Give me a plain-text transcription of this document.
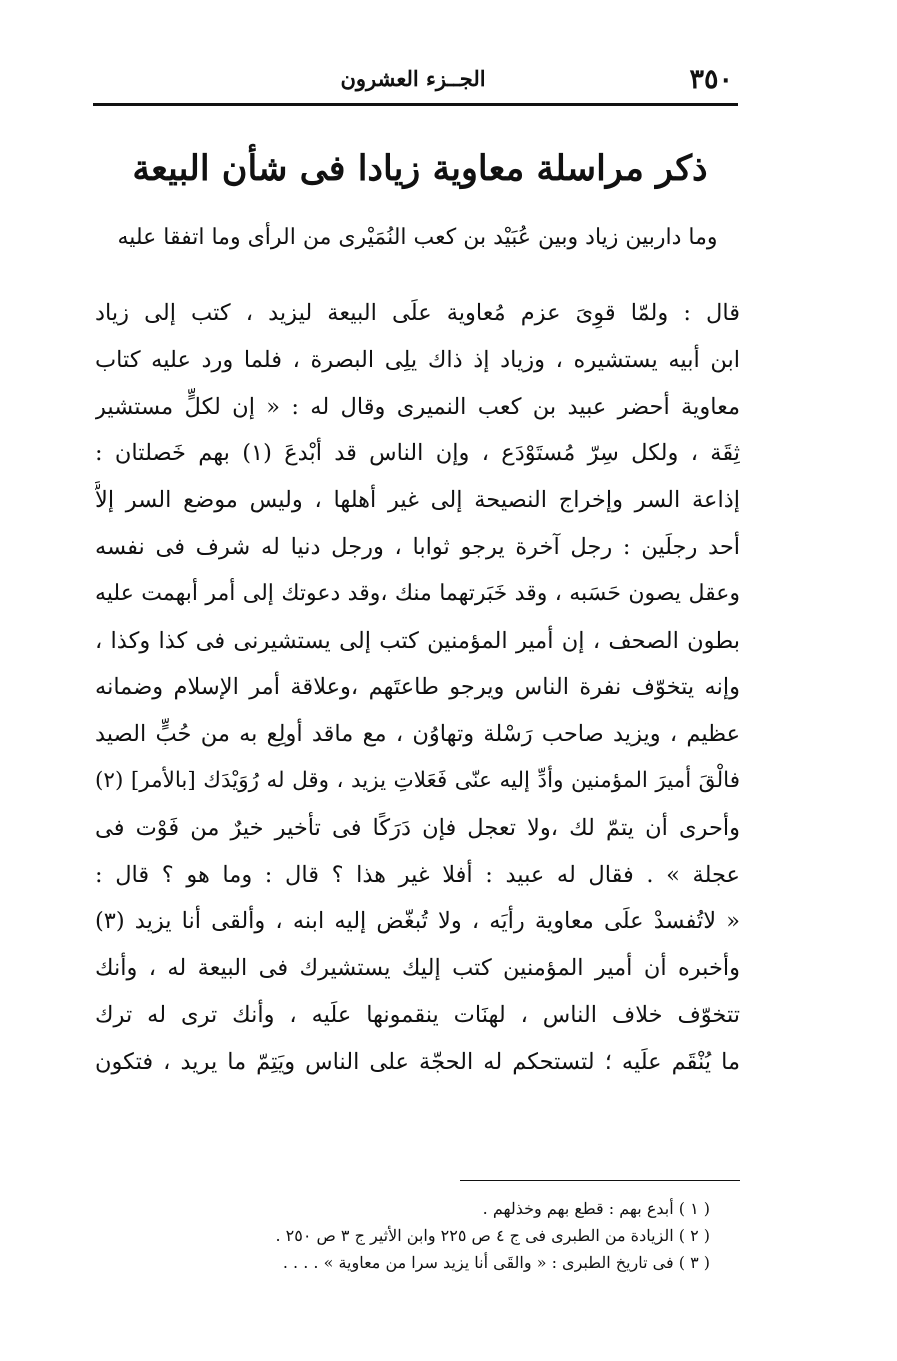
٣٥٠
الجــزء العشرون
ذكر مراسلة معاوية زيادا فى شأن البيعة
وما داربين زياد وبين عُبَيْد بن كعب النُمَيْرى من الرأى وما اتفقا عليه
قال : ولمّا قوِىَ عزم مُعاوية علَى البيعة ليزيد ، كتب إلى زياد
ابن أبيه يستشيره ، وزياد إذ ذاك يلِى البصرة ، فلما ورد عليه كتاب
معاوية أحضر عبيد بن كعب النميرى وقال له : « إن لكلٍّ مستشير
ثِقَة ، ولكل سِرّ مُستَوْدَع ، وإن الناس قد أبْدعَ (١) بهم خَصلتان :
إذاعة السر وإخراج النصيحة إلى غير أهلها ، وليس موضع السر إلاَّ
أحد رجلَين : رجل آخرة يرجو ثوابا ، ورجل دنيا له شرف فى نفسه
وعقل يصون حَسَبه ، وقد خَبَرتهما منك ،وقد دعوتك إلى أمر أبهمت عليه
بطون الصحف ، إن أمير المؤمنين كتب إلى يستشيرنى فى كذا وكذا ،
وإنه يتخوّف نفرة الناس ويرجو طاعتَهم ،وعلاقة أمر الإسلام وضمانه
عظيم ، ويزيد صاحب رَسْلة وتهاوُن ، مع ماقد أولِع به من حُبٍّ الصيد
فالْقَ أميرَ المؤمنين وأدِّ إليه عنّى فَعَلاتِ يزيد ، وقل له رُوَيْدَك [بالأمر] (٢)
وأحرى أن يتمّ لك ،ولا تعجل فإن دَرَكًا فى تأخير خيرٌ من فَوْت فى
عجلة » . فقال له عبيد : أفلا غير هذا ؟ قال : وما هو ؟ قال :
« لاتُفسدْ علَى معاوية رأيَه ، ولا تُبغّض إليه ابنه ، وألقى أنا يزيد (٣)
وأخبره أن أمير المؤمنين كتب إليك يستشيرك فى البيعة له ، وأنك
تتخوّف خلاف الناس ، لهنَات ينقمونها علَيه ، وأنك ترى له ترك
ما يُنْقَم علَيه ؛ لتستحكم له الحجّة على الناس ويَتِمّ ما يريد ، فتكون
( ١ ) أبدع بهم : قطع بهم وخذلهم .
( ٢ ) الزيادة من الطبرى فى ج ٤ ص ٢٢٥ وابن الأثير ج ٣ ص ٢٥٠ .
( ٣ ) فى تاريخ الطبرى : « والقَى أنا يزيد سرا من معاوية » . . . .
